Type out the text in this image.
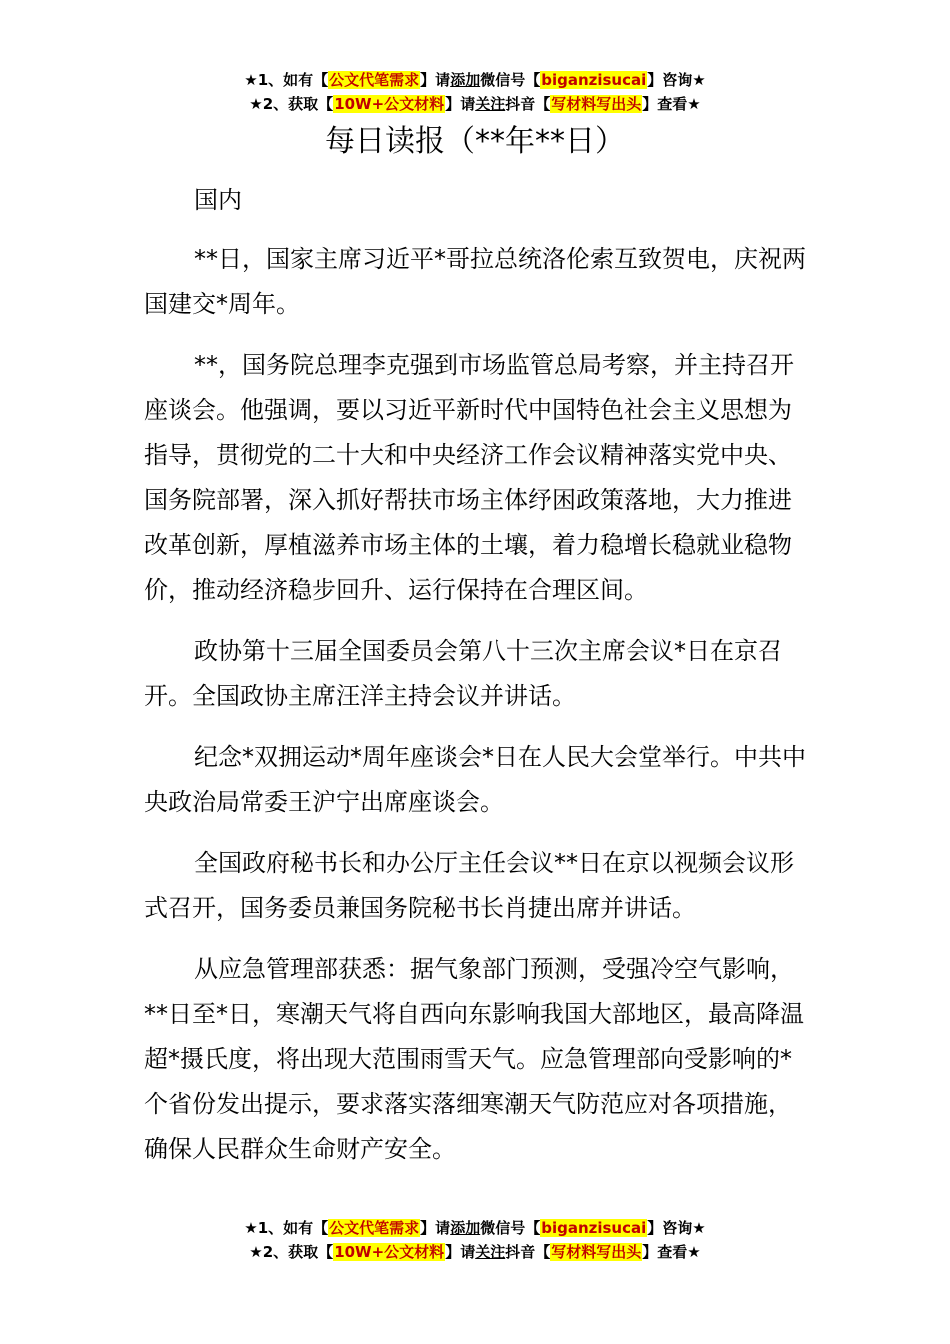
★1、如有【公文代笔需求】请添加微信号【biganzisucai】咨询★
★2、获取【10W+公文材料】请关注抖音【写材料写出头】查看★
每日读报（**年**日）

国内

**日，国家主席习近平*哥拉总统洛伦索互致贺电，庆祝两国建交*周年。

**，国务院总理李克强到市场监管总局考察，并主持召开座谈会。他强调，要以习近平新时代中国特色社会主义思想为指导，贯彻党的二十大和中央经济工作会议精神落实党中央、国务院部署，深入抓好帮扶市场主体纾困政策落地，大力推进改革创新，厚植滋养市场主体的土壤，着力稳增长稳就业稳物价，推动经济稳步回升、运行保持在合理区间。

政协第十三届全国委员会第八十三次主席会议*日在京召开。全国政协主席汪洋主持会议并讲话。

纪念*双拥运动*周年座谈会*日在人民大会堂举行。中共中央政治局常委王沪宁出席座谈会。

全国政府秘书长和办公厅主任会议**日在京以视频会议形式召开，国务委员兼国务院秘书长肖捷出席并讲话。

从应急管理部获悉：据气象部门预测，受强冷空气影响，**日至*日，寒潮天气将自西向东影响我国大部地区，最高降温超*摄氏度，将出现大范围雨雪天气。应急管理部向受影响的*个省份发出提示，要求落实落细寒潮天气防范应对各项措施，确保人民群众生命财产安全。

★1、如有【公文代笔需求】请添加微信号【biganzisucai】咨询★
★2、获取【10W+公文材料】请关注抖音【写材料写出头】查看★
